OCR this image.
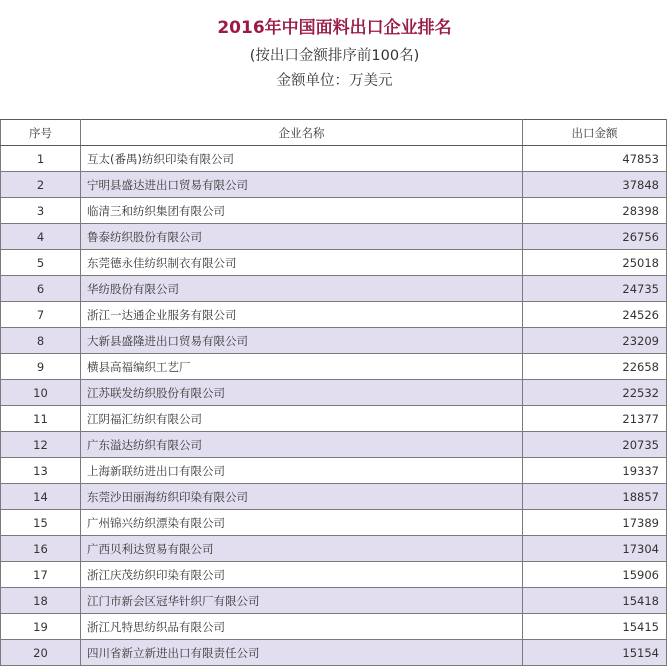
2016年中国面料出口企业排名
(按出口金额排序前100名)
金额单位：万美元
序号	企业名称	出口金额
1	互太(番禺)纺织印染有限公司	47853
2	宁明县盛达进出口贸易有限公司	37848
3	临清三和纺织集团有限公司	28398
4	鲁泰纺织股份有限公司	26756
5	东莞德永佳纺织制衣有限公司	25018
6	华纺股份有限公司	24735
7	浙江一达通企业服务有限公司	24526
8	大新县盛隆进出口贸易有限公司	23209
9	横县高福编织工艺厂	22658
10	江苏联发纺织股份有限公司	22532
11	江阴福汇纺织有限公司	21377
12	广东溢达纺织有限公司	20735
13	上海新联纺进出口有限公司	19337
14	东莞沙田丽海纺织印染有限公司	18857
15	广州锦兴纺织漂染有限公司	17389
16	广西贝利达贸易有限公司	17304
17	浙江庆茂纺织印染有限公司	15906
18	江门市新会区冠华针织厂有限公司	15418
19	浙江凡特思纺织品有限公司	15415
20	四川省新立新进出口有限责任公司	15154
